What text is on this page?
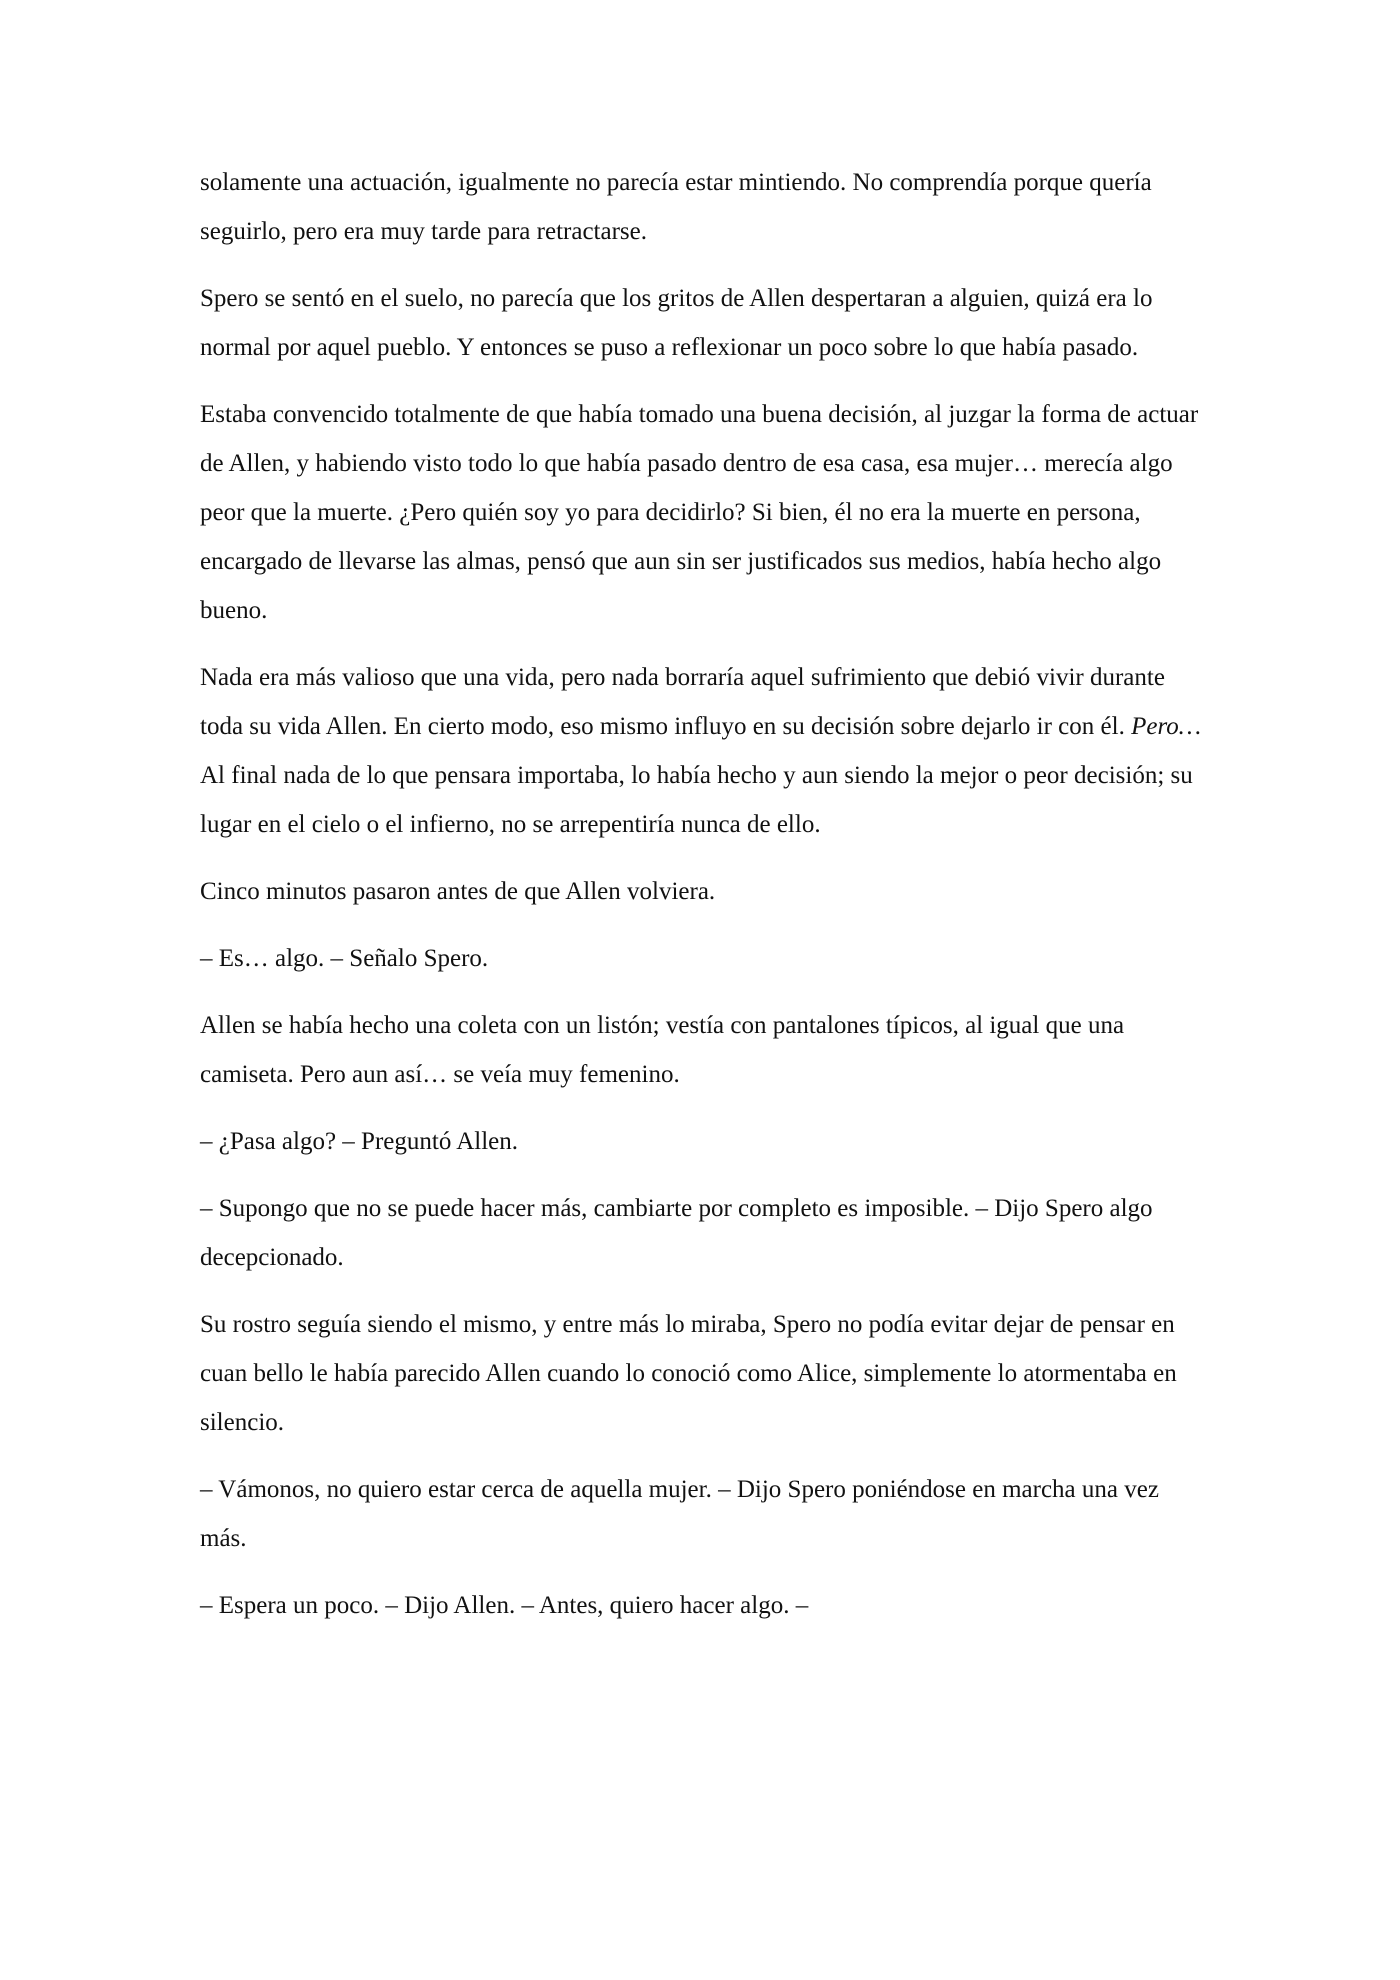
solamente una actuación, igualmente no parecía estar mintiendo. No comprendía porque quería seguirlo, pero era muy tarde para retractarse.

Spero se sentó en el suelo, no parecía que los gritos de Allen despertaran a alguien, quizá era lo normal por aquel pueblo. Y entonces se puso a reflexionar un poco sobre lo que había pasado.

Estaba convencido totalmente de que había tomado una buena decisión, al juzgar la forma de actuar de Allen, y habiendo visto todo lo que había pasado dentro de esa casa, esa mujer… merecía algo peor que la muerte. ¿Pero quién soy yo para decidirlo? Si bien, él no era la muerte en persona, encargado de llevarse las almas, pensó que aun sin ser justificados sus medios, había hecho algo bueno.

Nada era más valioso que una vida, pero nada borraría aquel sufrimiento que debió vivir durante toda su vida Allen. En cierto modo, eso mismo influyo en su decisión sobre dejarlo ir con él. Pero… Al final nada de lo que pensara importaba, lo había hecho y aun siendo la mejor o peor decisión; su lugar en el cielo o el infierno, no se arrepentiría nunca de ello.

Cinco minutos pasaron antes de que Allen volviera.

– Es… algo. – Señalo Spero.

Allen se había hecho una coleta con un listón; vestía con pantalones típicos, al igual que una camiseta. Pero aun así… se veía muy femenino.

– ¿Pasa algo? – Preguntó Allen.

– Supongo que no se puede hacer más, cambiarte por completo es imposible. – Dijo Spero algo decepcionado.

Su rostro seguía siendo el mismo, y entre más lo miraba, Spero no podía evitar dejar de pensar en cuan bello le había parecido Allen cuando lo conoció como Alice, simplemente lo atormentaba en silencio.

– Vámonos, no quiero estar cerca de aquella mujer. – Dijo Spero poniéndose en marcha una vez más.

– Espera un poco. – Dijo Allen. – Antes, quiero hacer algo. –
